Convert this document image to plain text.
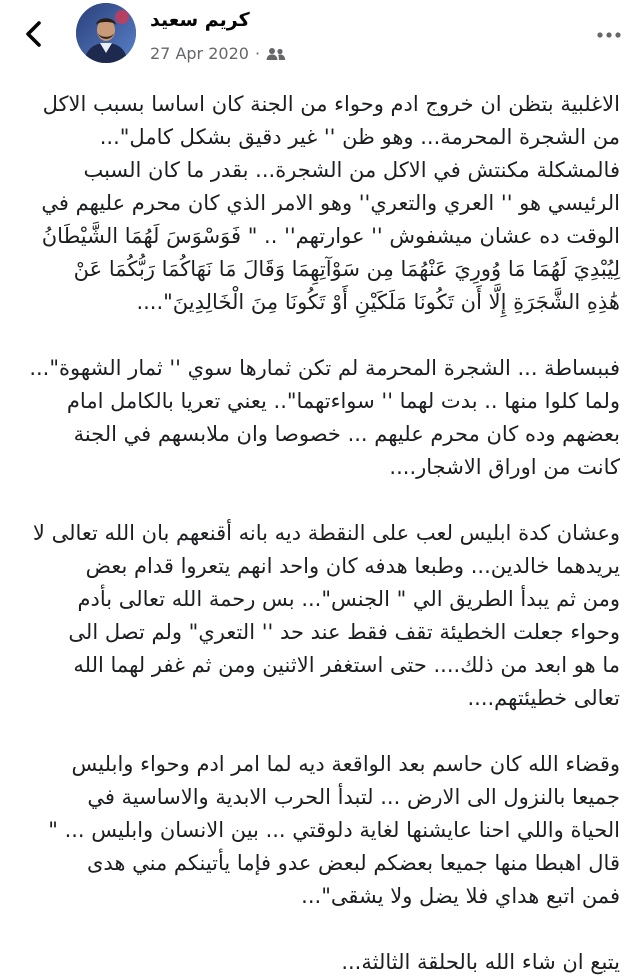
كريم سعيد
27 Apr 2020 ·
الاغلبية بتظن ان خروج ادم وحواء من الجنة كان اساسا بسبب الاكل
من الشجرة المحرمة... وهو ظن '' غير دقيق بشكل كامل"...
فالمشكلة مكنتش في الاكل من الشجرة... بقدر ما كان السبب
الرئيسي هو '' العري والتعري'' وهو الامر الذي كان محرم عليهم في
الوقت ده عشان ميشفوش '' عوارتهم'' .. " فَوَسْوَسَ لَهُمَا الشَّيْطَانُ
لِيُبْدِيَ لَهُمَا مَا وُورِيَ عَنْهُمَا مِن سَوْآتِهِمَا وَقَالَ مَا نَهَاكُمَا رَبُّكُمَا عَنْ
هَٰذِهِ الشَّجَرَةِ إِلَّا أَن تَكُونَا مَلَكَيْنِ أَوْ تَكُونَا مِنَ الْخَالِدِينَ"....
فببساطة ... الشجرة المحرمة لم تكن ثمارها سوي '' ثمار الشهوة"...
ولما كلوا منها .. بدت لهما '' سواءتهما".. يعني تعريا بالكامل امام
بعضهم وده كان محرم عليهم ... خصوصا وان ملابسهم في الجنة
كانت من اوراق الاشجار....
وعشان كدة ابليس لعب على النقطة ديه بانه أقنعهم بان الله تعالى لا
يريدهما خالدين... وطبعا هدفه كان واحد انهم يتعروا قدام بعض
ومن ثم يبدأ الطريق الي " الجنس"... بس رحمة الله تعالى بأدم
وحواء جعلت الخطيئة تقف فقط عند حد '' التعري" ولم تصل الى
ما هو ابعد من ذلك.... حتى استغفر الاثنين ومن ثم غفر لهما الله
تعالى خطيئتهم....
وقضاء الله كان حاسم بعد الواقعة ديه لما امر ادم وحواء وابليس
جميعا بالنزول الى الارض ... لتبدأ الحرب الابدية والاساسية في
الحياة واللي احنا عايشنها لغاية دلوقتي ... بين الانسان وابليس ... "
قال اهبطا منها جميعا بعضكم لبعض عدو فإما يأتينكم مني هدى
فمن اتبع هداي فلا يضل ولا يشقى"...
يتبع ان شاء الله بالحلقة الثالثة...
